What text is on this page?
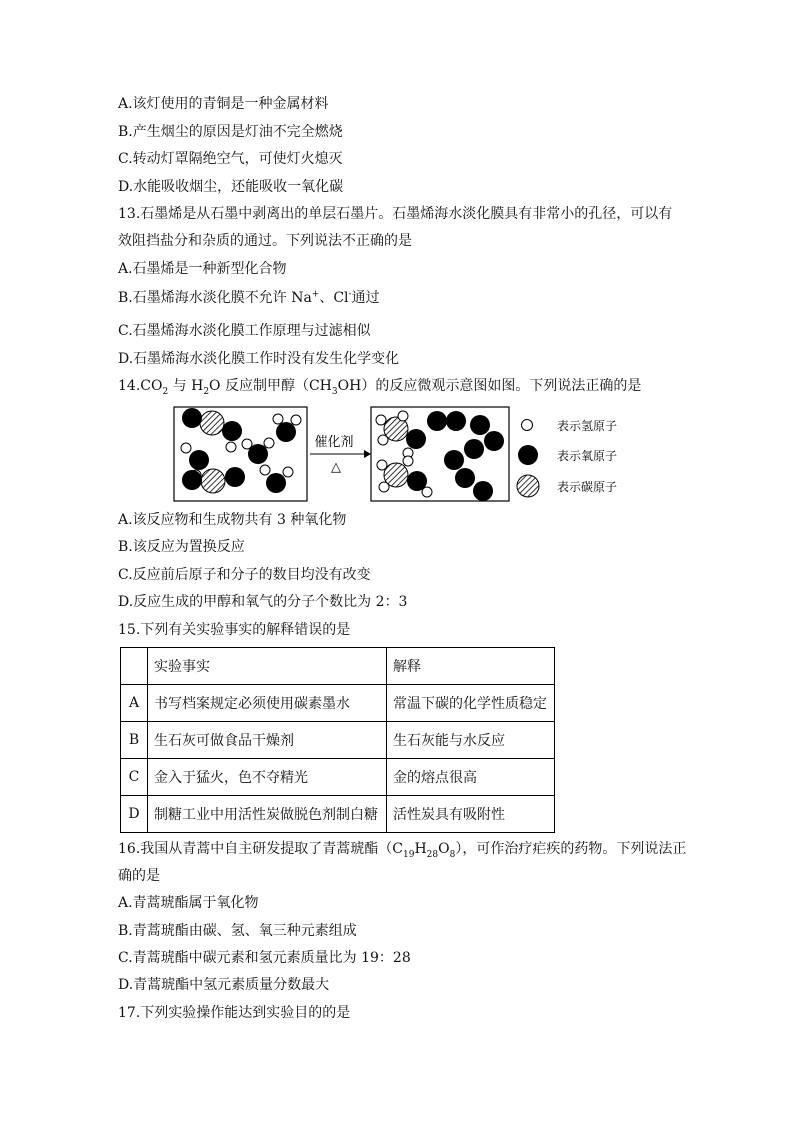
A.该灯使用的青铜是一种金属材料
B.产生烟尘的原因是灯油不完全燃烧
C.转动灯罩隔绝空气，可使灯火熄灭
D.水能吸收烟尘，还能吸收一氧化碳
13.石墨烯是从石墨中剥离出的单层石墨片。石墨烯海水淡化膜具有非常小的孔径，可以有
效阻挡盐分和杂质的通过。下列说法不正确的是
A.石墨烯是一种新型化合物
B.石墨烯海水淡化膜不允许 Na+、Cl-通过
C.石墨烯海水淡化膜工作原理与过滤相似
D.石墨烯海水淡化膜工作时没有发生化学变化
$14.CO_2$ 与 $H_2O$ 反应制甲醇$(CH_3OH)$的反应微观示意图如图。下列说法正确的是
催化剂
△
表示氢原子
表示氧原子
表示碳原子
A.该反应物和生成物共有 3 种氧化物
B.该反应为置换反应
C.反应前后原子和分子的数目均没有改变
D.反应生成的甲醇和氧气的分子个数比为 2：3
15.下列有关实验事实的解释错误的是
	实验事实	解释
A	书写档案规定必须使用碳素墨水	常温下碳的化学性质稳定
B	生石灰可做食品干燥剂	生石灰能与水反应
C	金入于猛火，色不夺精光	金的熔点很高
D	制糖工业中用活性炭做脱色剂制白糖	活性炭具有吸附性
16.我国从青蒿中自主研发提取了青蒿琥酯$(C_{19}H_{28}O_8)$，可作治疗疟疾的药物。下列说法正
确的是
A.青蒿琥酯属于氧化物
B.青蒿琥酯由碳、氢、氧三种元素组成
C.青蒿琥酯中碳元素和氢元素质量比为 19：28
D.青蒿琥酯中氢元素质量分数最大
17.下列实验操作能达到实验目的的是
